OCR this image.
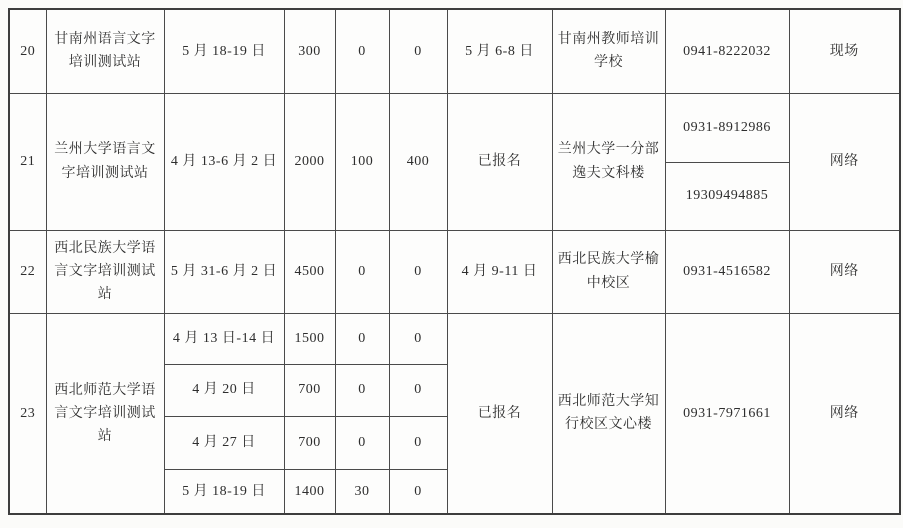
20	甘南州语言文字培训测试站	5 月 18-19 日	300	0	0	5 月 6-8 日	甘南州教师培训学校	0941-8222032	现场
21	兰州大学语言文字培训测试站	4 月 13-6 月 2 日	2000	100	400	已报名	兰州大学一分部逸夫文科楼	0931-8912986	网络
								19309494885	
22	西北民族大学语言文字培训测试站	5 月 31-6 月 2 日	4500	0	0	4 月 9-11 日	西北民族大学榆中校区	0931-4516582	网络
23	西北师范大学语言文字培训测试站	4 月 13 日-14 日	1500	0	0	已报名	西北师范大学知行校区文心楼	0931-7971661	网络
		4 月 20 日	700	0	0				
		4 月 27 日	700	0	0				
		5 月 18-19 日	1400	30	0				
